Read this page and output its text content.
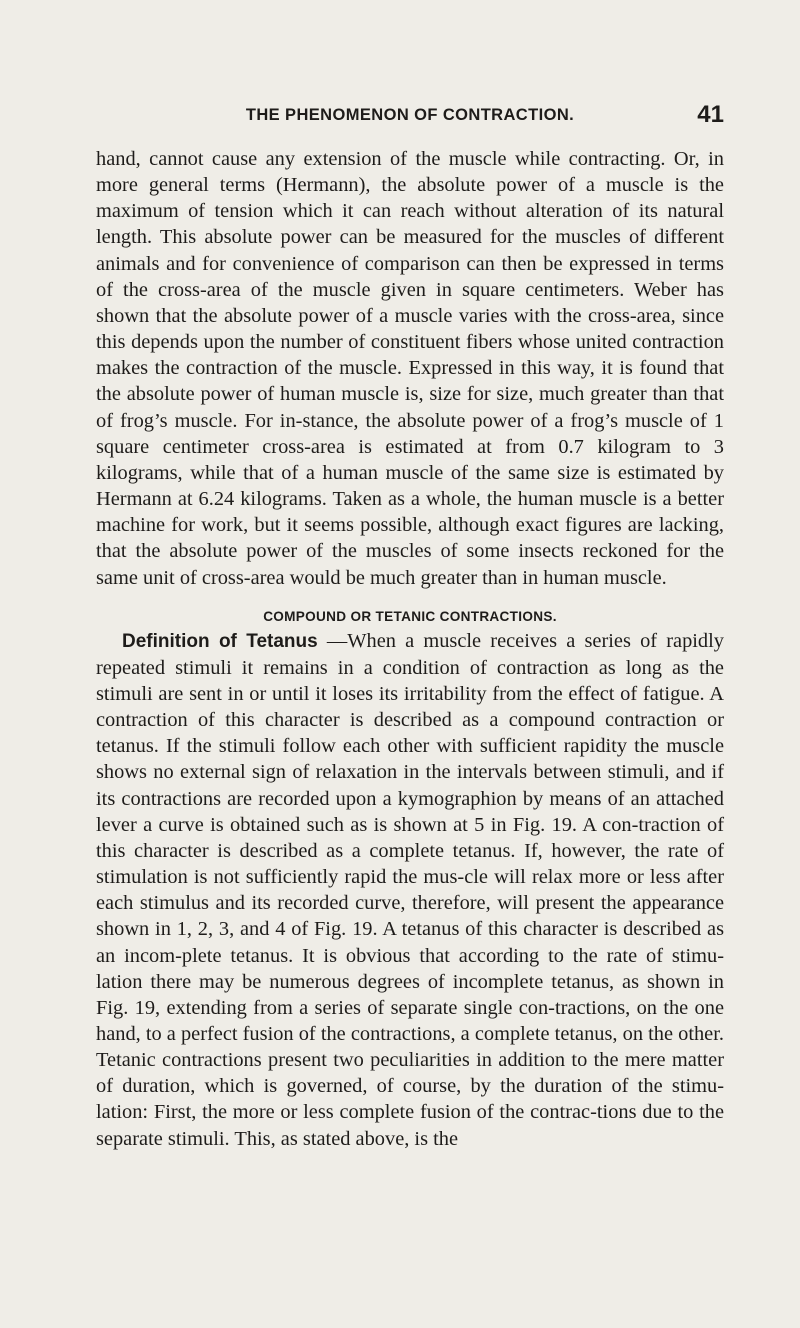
THE PHENOMENON OF CONTRACTION.	41

hand, cannot cause any extension of the muscle while contracting. Or, in more general terms (Hermann), the absolute power of a muscle is the maximum of tension which it can reach without alteration of its natural length. This absolute power can be measured for the muscles of different animals and for convenience of comparison can then be expressed in terms of the cross-area of the muscle given in square centimeters. Weber has shown that the absolute power of a muscle varies with the cross-area, since this depends upon the number of constituent fibers whose united contraction makes the contraction of the muscle. Expressed in this way, it is found that the absolute power of human muscle is, size for size, much greater than that of frog’s muscle. For in-stance, the absolute power of a frog’s muscle of 1 square centimeter cross-area is estimated at from 0.7 kilogram to 3 kilograms, while that of a human muscle of the same size is estimated by Hermann at 6.24 kilograms. Taken as a whole, the human muscle is a better machine for work, but it seems possible, although exact figures are lacking, that the absolute power of the muscles of some insects reckoned for the same unit of cross-area would be much greater than in human muscle.

COMPOUND OR TETANIC CONTRACTIONS.

Definition of Tetanus —When a muscle receives a series of rapidly repeated stimuli it remains in a condition of contraction as long as the stimuli are sent in or until it loses its irritability from the effect of fatigue. A contraction of this character is described as a compound contraction or tetanus. If the stimuli follow each other with sufficient rapidity the muscle shows no external sign of relaxation in the intervals between stimuli, and if its contractions are recorded upon a kymographion by means of an attached lever a curve is obtained such as is shown at 5 in Fig. 19. A con-traction of this character is described as a complete tetanus. If, however, the rate of stimulation is not sufficiently rapid the mus-cle will relax more or less after each stimulus and its recorded curve, therefore, will present the appearance shown in 1, 2, 3, and 4 of Fig. 19. A tetanus of this character is described as an incom-plete tetanus. It is obvious that according to the rate of stimu-lation there may be numerous degrees of incomplete tetanus, as shown in Fig. 19, extending from a series of separate single con-tractions, on the one hand, to a perfect fusion of the contractions, a complete tetanus, on the other. Tetanic contractions present two peculiarities in addition to the mere matter of duration, which is governed, of course, by the duration of the stimu-lation: First, the more or less complete fusion of the contrac-tions due to the separate stimuli. This, as stated above, is the
